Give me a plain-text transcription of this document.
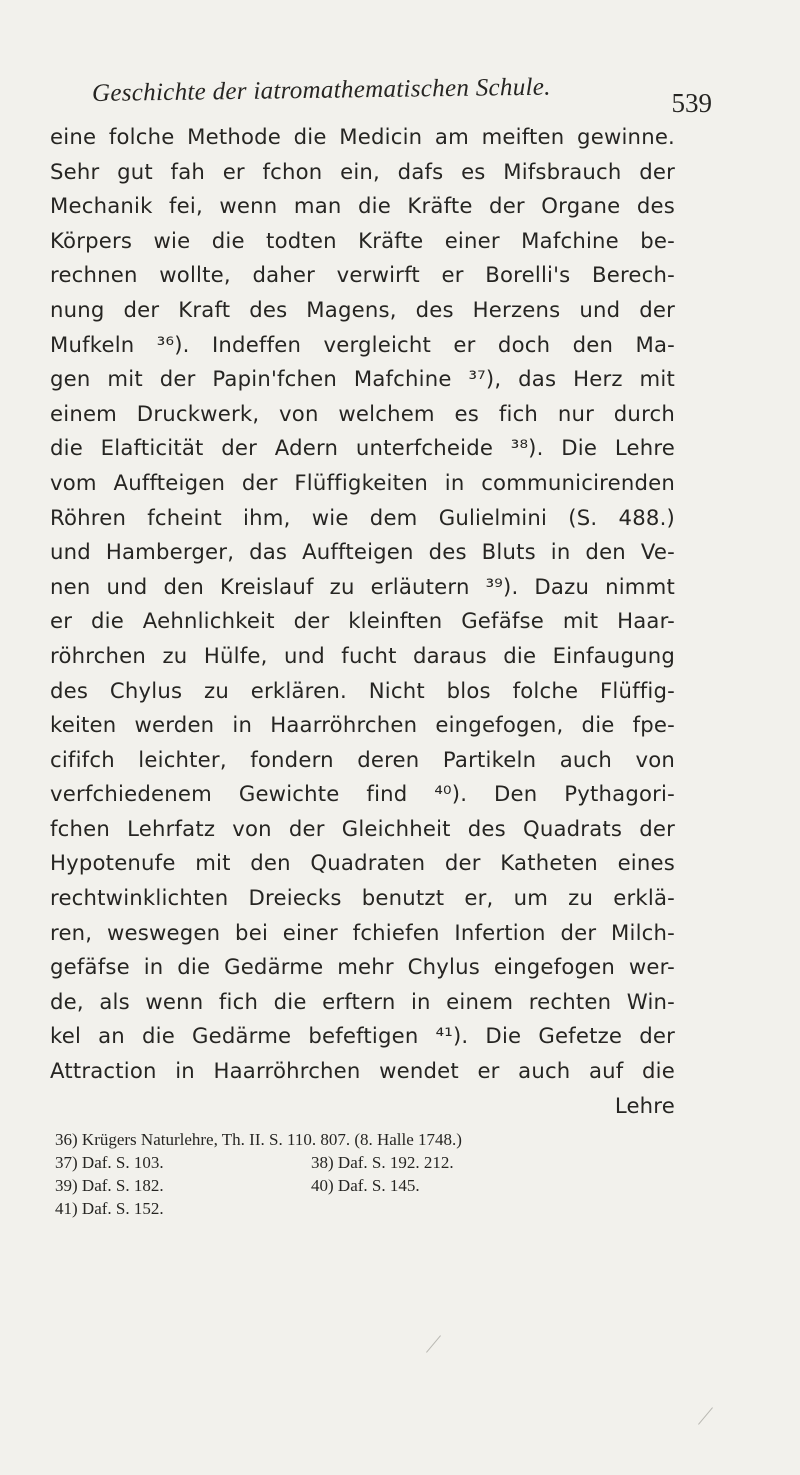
Geschichte der iatromathematischen Schule.	539
eine folche Methode die Medicin am meiften gewinne.
Sehr gut fah er fchon ein, dafs es Mifsbrauch der
Mechanik fei, wenn man die Kräfte der Organe des
Körpers wie die todten Kräfte einer Mafchine be-
rechnen wollte, daher verwirft er Borelli's Berech-
nung der Kraft des Magens, des Herzens und der
Mufkeln ³⁶). Indeffen vergleicht er doch den Ma-
gen mit der Papin'fchen Mafchine ³⁷), das Herz mit
einem Druckwerk, von welchem es fich nur durch
die Elafticität der Adern unterfcheide ³⁸). Die Lehre
vom Auffteigen der Flüffigkeiten in communicirenden
Röhren fcheint ihm, wie dem Gulielmini (S. 488.)
und Hamberger, das Auffteigen des Bluts in den Ve-
nen und den Kreislauf zu erläutern ³⁹). Dazu nimmt
er die Aehnlichkeit der kleinften Gefäfse mit Haar-
röhrchen zu Hülfe, und fucht daraus die Einfaugung
des Chylus zu erklären. Nicht blos folche Flüffig-
keiten werden in Haarröhrchen eingefogen, die fpe-
cififch leichter, fondern deren Partikeln auch von
verfchiedenem Gewichte find ⁴⁰). Den Pythagori-
fchen Lehrfatz von der Gleichheit des Quadrats der
Hypotenufe mit den Quadraten der Katheten eines
rechtwinklichten Dreiecks benutzt er, um zu erklä-
ren, weswegen bei einer fchiefen Infertion der Milch-
gefäfse in die Gedärme mehr Chylus eingefogen wer-
de, als wenn fich die erftern in einem rechten Win-
kel an die Gedärme befeftigen ⁴¹). Die Gefetze der
Attraction in Haarröhrchen wendet er auch auf die
Lehre
36) Krügers Naturlehre, Th. II. S. 110. 807. (8. Halle 1748.)
37) Daf. S. 103.	38) Daf. S. 192. 212.
39) Daf. S. 182.	40) Daf. S. 145.
41) Daf. S. 152.
